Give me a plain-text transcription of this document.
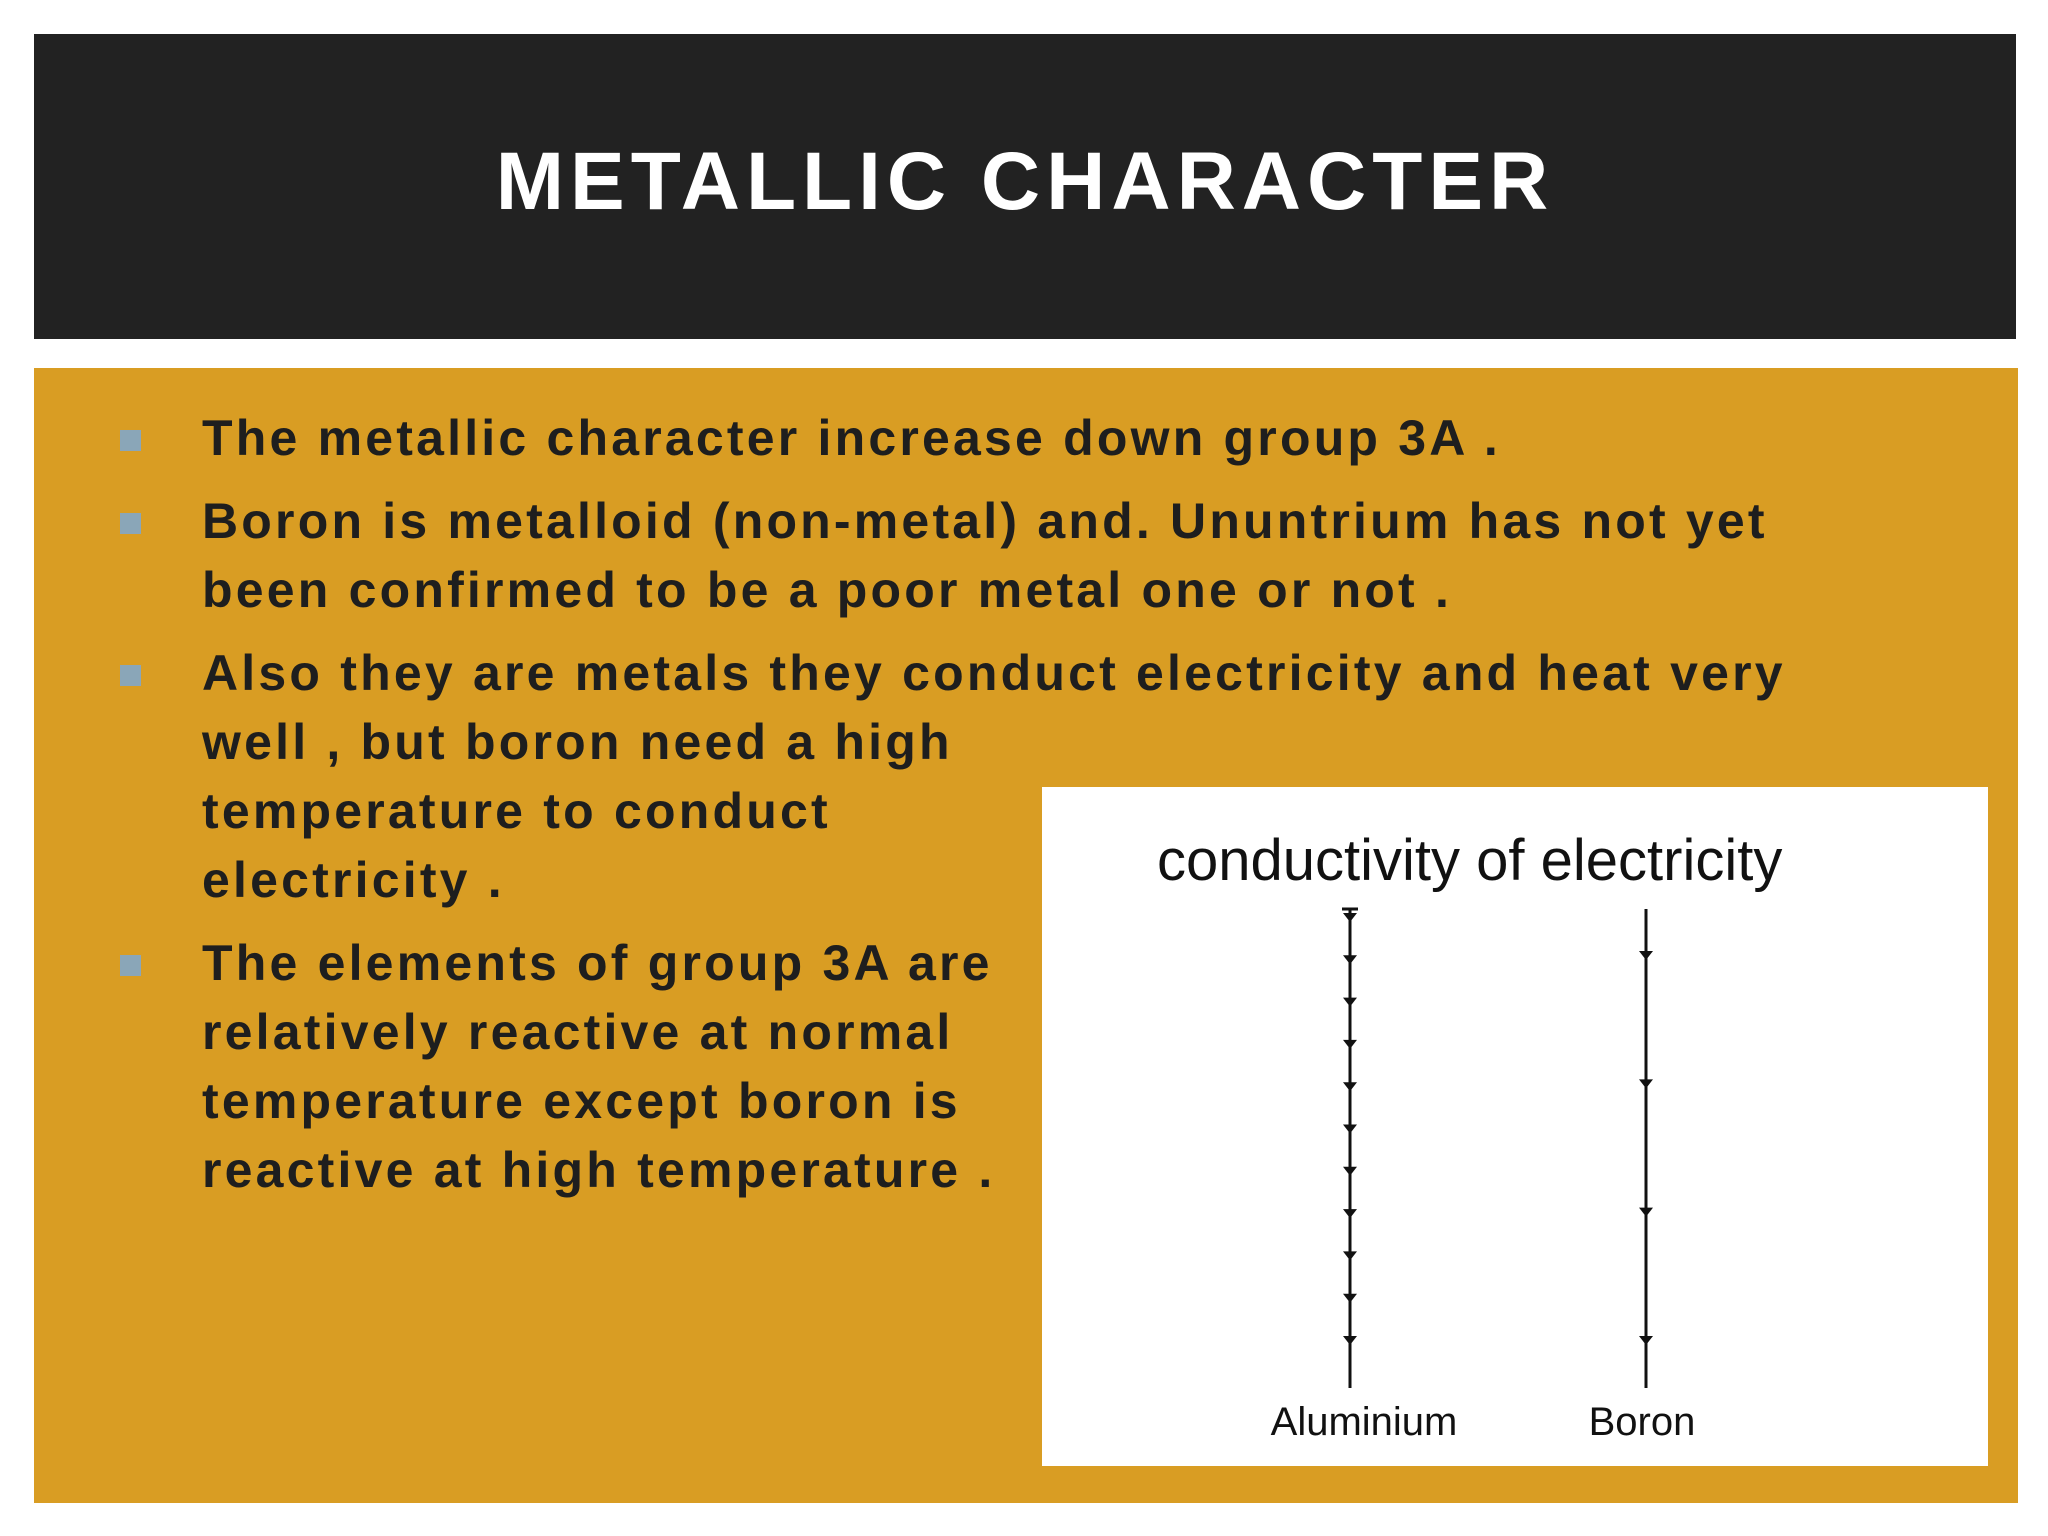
METALLIC CHARACTER
The metallic character increase down group 3A .
Boron is metalloid (non-metal) and. Ununtrium has not yet
been confirmed to be a poor metal one or not .
Also they are metals they conduct electricity and heat very
well , but boron need a high
temperature to conduct
electricity .
The elements of group 3A are
relatively reactive at normal
temperature except boron is
reactive at high temperature .
conductivity of electricity
Aluminium	Boron
